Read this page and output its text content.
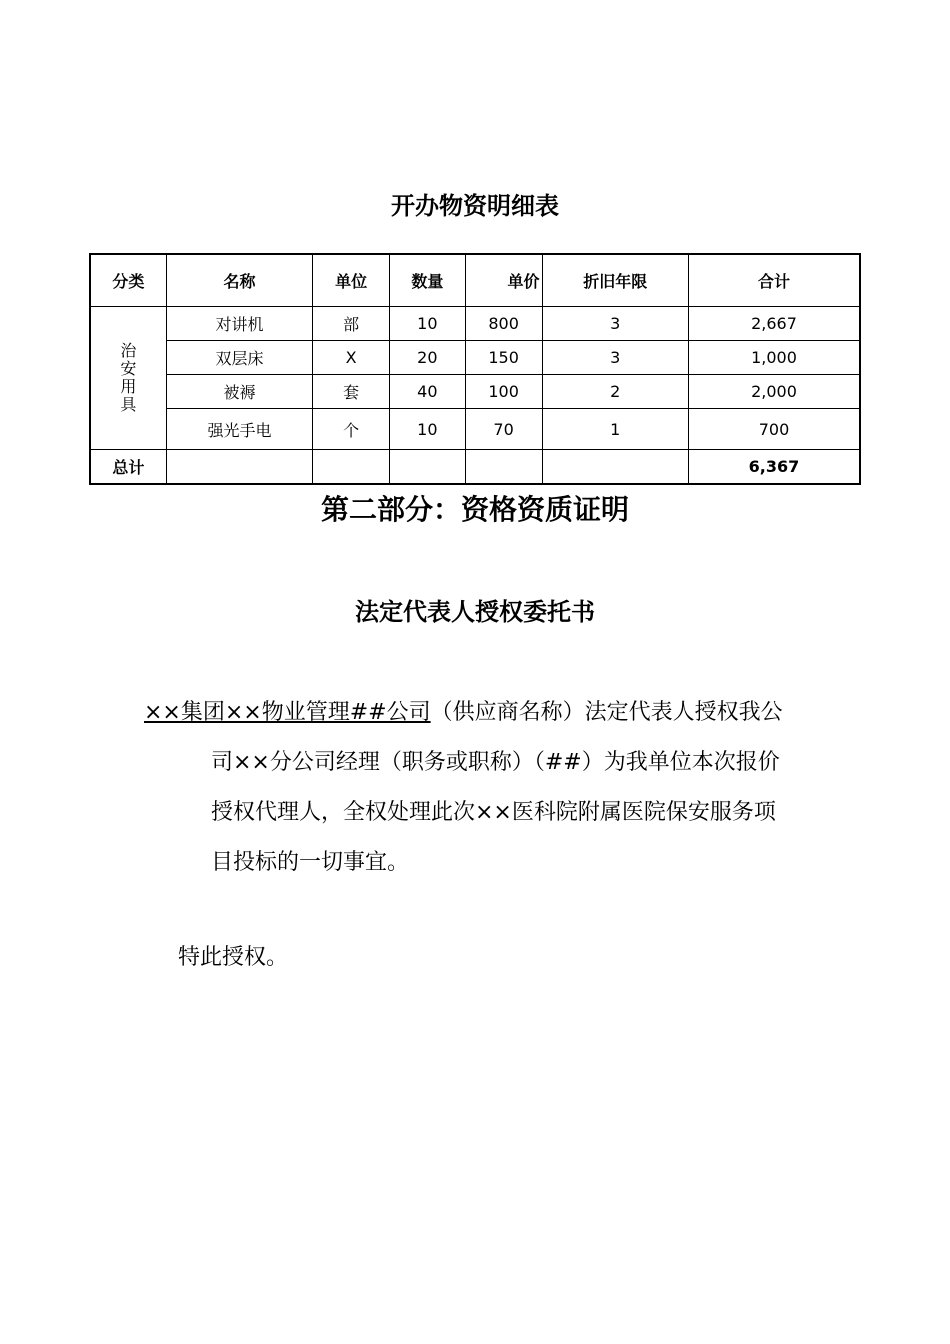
开办物资明细表
分类	名称	单位	数量	单价	折旧年限	合计
治安用具	对讲机	部	10	800	3	2,667
	双层床	X	20	150	3	1,000
	被褥	套	40	100	2	2,000
	强光手电	个	10	70	1	700
总计						6,367
第二部分：资格资质证明
法定代表人授权委托书
××集团××物业管理##公司（供应商名称）法定代表人授权我公
司××分公司经理（职务或职称）（##）为我单位本次报价
授权代理人，全权处理此次××医科院附属医院保安服务项
目投标的一切事宜。
特此授权。
